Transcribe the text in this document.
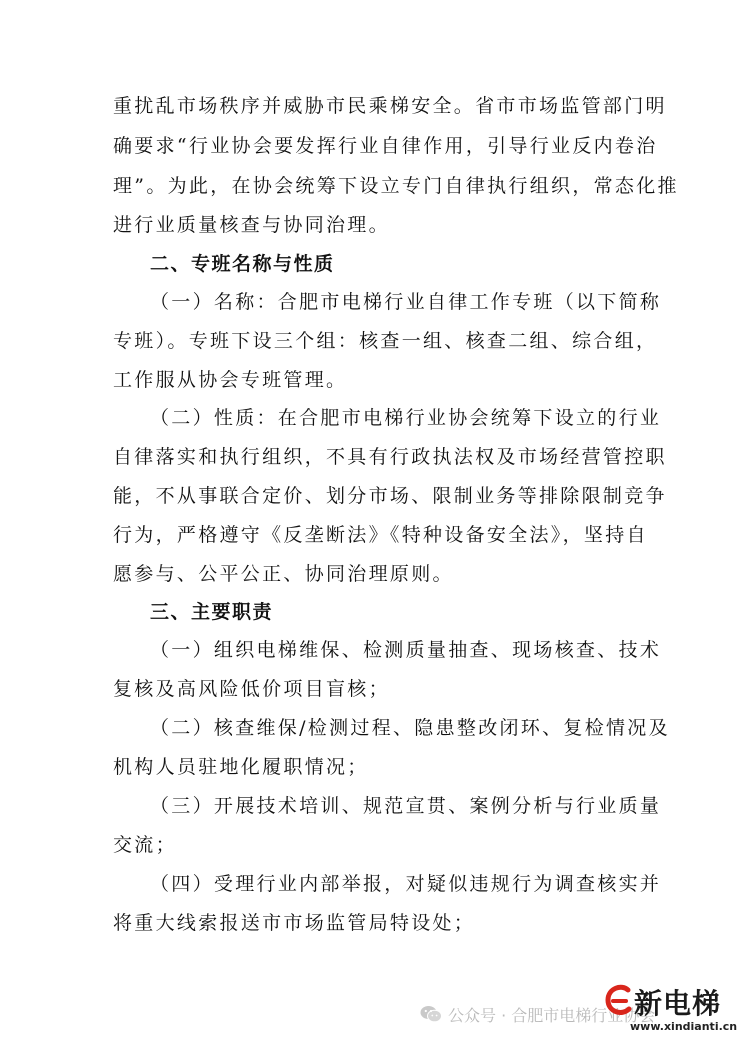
重扰乱市场秩序并威胁市民乘梯安全。省市市场监管部门明
确要求“行业协会要发挥行业自律作用，引导行业反内卷治
理”。为此，在协会统筹下设立专门自律执行组织，常态化推
进行业质量核查与协同治理。
二、专班名称与性质
（一）名称：合肥市电梯行业自律工作专班（以下简称
专班）。专班下设三个组：核查一组、核查二组、综合组，
工作服从协会专班管理。
（二）性质：在合肥市电梯行业协会统筹下设立的行业
自律落实和执行组织，不具有行政执法权及市场经营管控职
能，不从事联合定价、划分市场、限制业务等排除限制竞争
行为，严格遵守《反垄断法》《特种设备安全法》，坚持自
愿参与、公平公正、协同治理原则。
三、主要职责
（一）组织电梯维保、检测质量抽查、现场核查、技术
复核及高风险低价项目盲核；
（二）核查维保/检测过程、隐患整改闭环、复检情况及
机构人员驻地化履职情况；
（三）开展技术培训、规范宣贯、案例分析与行业质量
交流；
（四）受理行业内部举报，对疑似违规行为调查核实并
将重大线索报送市市场监管局特设处；
公众号 · 合肥市电梯行业协会
新电梯
www.xindianti.cn
